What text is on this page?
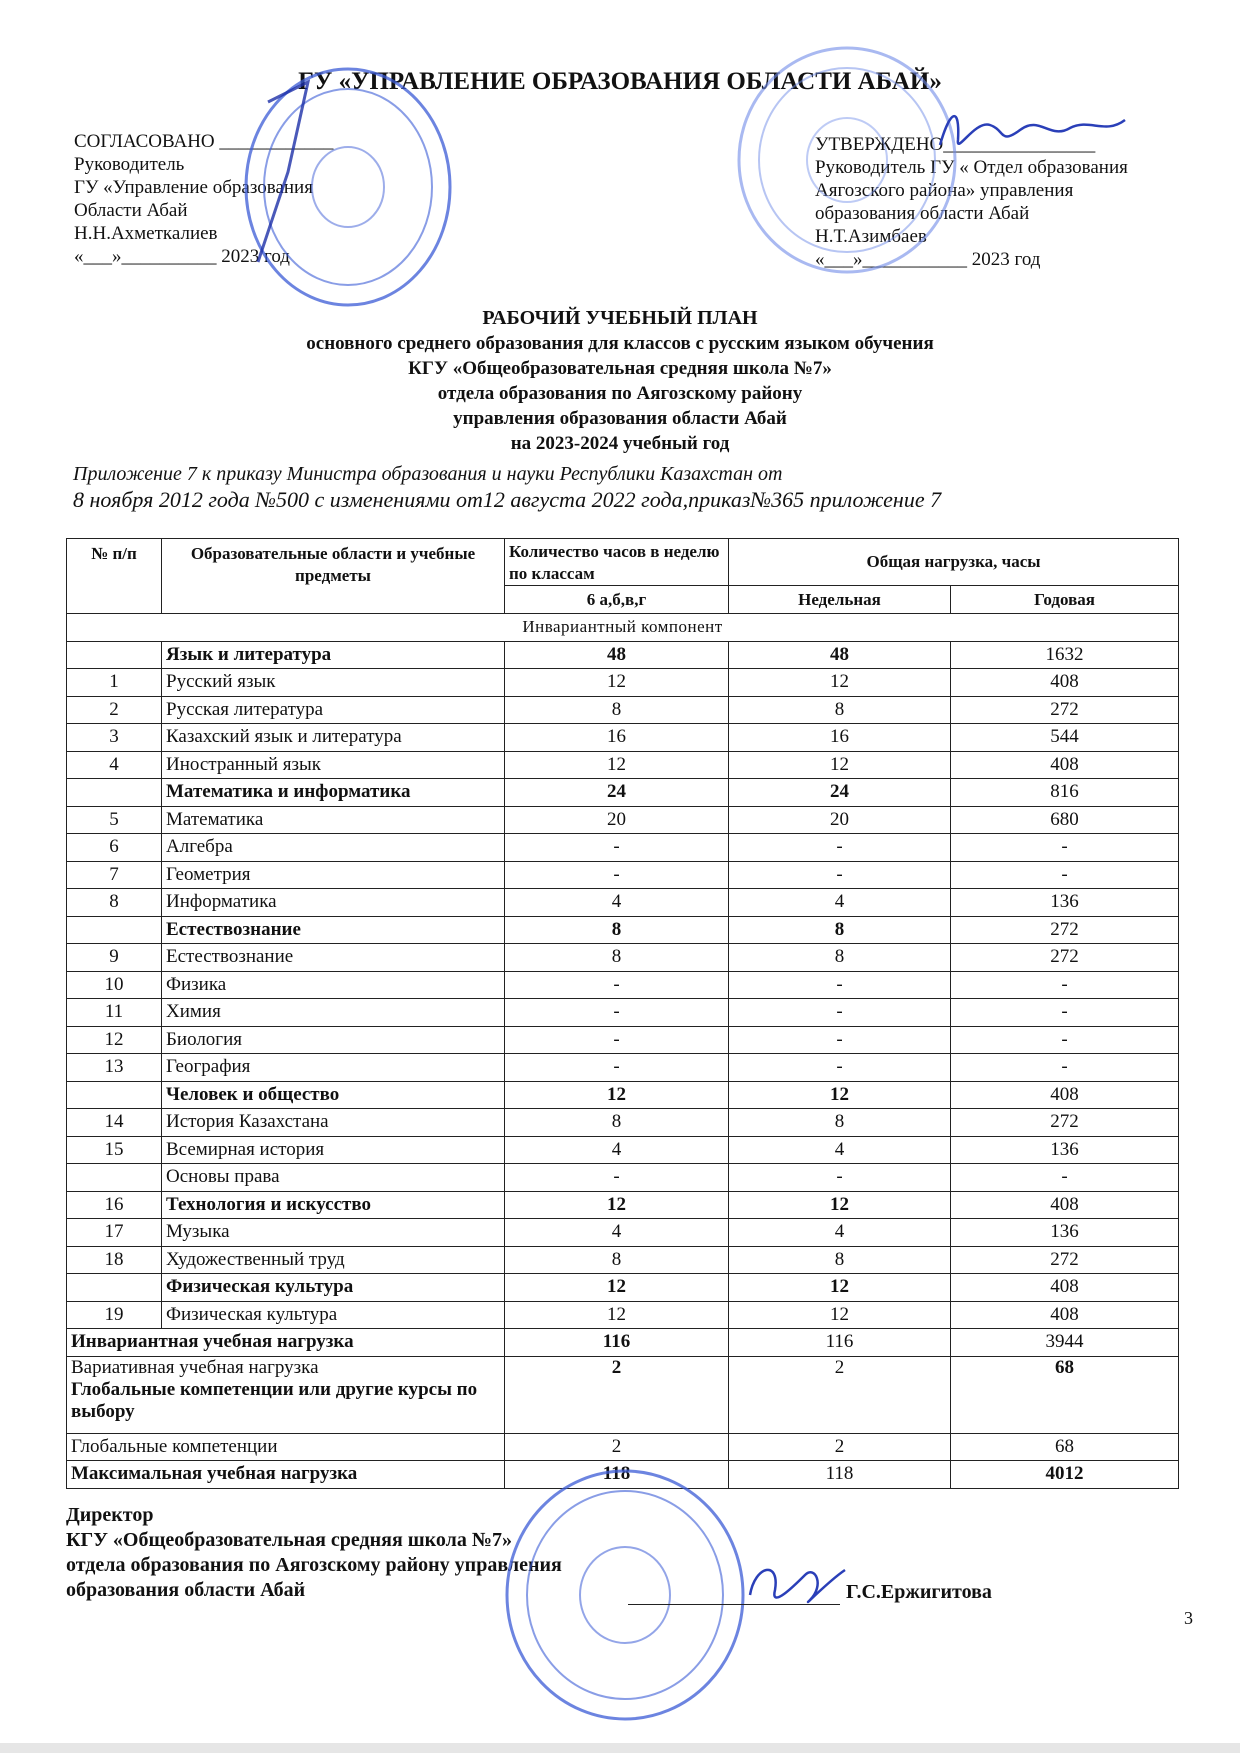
ГУ «УПРАВЛЕНИЕ ОБРАЗОВАНИЯ ОБЛАСТИ АБАЙ»
СОГЛАСОВАНО ____________
Руководитель
ГУ «Управление образования
Области Абай
Н.Н.Ахметкалиев
«___»__________ 2023 год
УТВЕРЖДЕНО________________
Руководитель ГУ « Отдел образования
Аягозского района» управления
образования области Абай
Н.Т.Азимбаев
«___»___________ 2023 год
РАБОЧИЙ УЧЕБНЫЙ ПЛАН
основного среднего образования для классов с русским языком обучения
КГУ «Общеобразовательная средняя школа №7»
отдела образования по Аягозскому району
управления образования области Абай
на 2023-2024 учебный год
Приложение 7 к приказу Министра образования и науки Республики Казахстан от
8 ноября 2012 года №500 с изменениями от12 августа 2022 года,приказ№365 приложение 7
№ п/п	Образовательные области и учебные предметы	Количество часов в неделю по классам	Общая нагрузка, часы	
		6 а,б,в,г	Недельная	Годовая
Инвариантный компонент				
	Язык и литература	48	48	1632
1	Русский язык	12	12	408
2	Русская литература	8	8	272
3	Казахский язык и литература	16	16	544
4	Иностранный язык	12	12	408
	Математика и информатика	24	24	816
5	Математика	20	20	680
6	Алгебра	-	-	-
7	Геометрия	-	-	-
8	Информатика	4	4	136
	Естествознание	8	8	272
9	Естествознание	8	8	272
10	Физика	-	-	-
11	Химия	-	-	-
12	Биология	-	-	-
13	География	-	-	-
	Человек и общество	12	12	408
14	История Казахстана	8	8	272
15	Всемирная история	4	4	136
	Основы права	-	-	-
16	Технология и искусство	12	12	408
17	Музыка	4	4	136
18	Художественный труд	8	8	272
	Физическая культура	12	12	408
19	Физическая культура	12	12	408
Инвариантная учебная нагрузка		116	116	3944

Вариативная учебная нагрузка
Глобальные компетенции или другие курсы по выбору		2	2	68
Глобальные компетенции		2	2	68
Максимальная учебная нагрузка		118	118	4012
Директор
КГУ «Общеобразовательная средняя школа №7»
отдела образования по Аягозскому району управления
образования области Абай	Г.С.Ержигитова
3
